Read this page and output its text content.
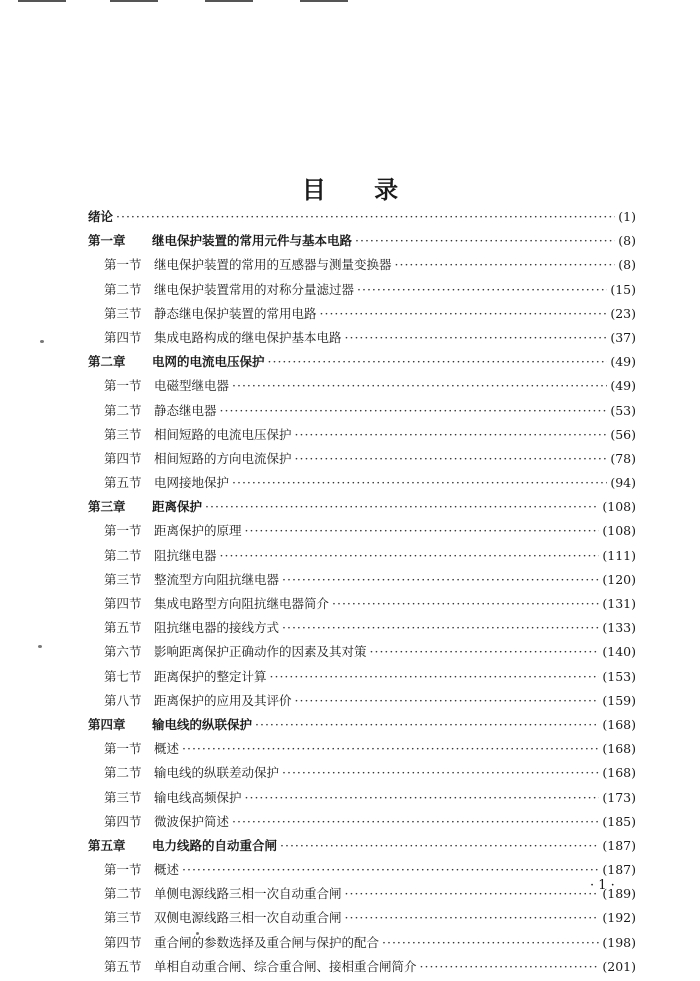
目 录
绪论 ·····	(1)
第一章	继电保护装置的常用元件与基本电路 ·····	(8)
第一节 继电保护装置的常用的互感器与测量变换器 ·····	(8)
第二节 继电保护装置常用的对称分量滤过器 ·····	(15)
第三节 静态继电保护装置的常用电路 ·····	(23)
第四节 集成电路构成的继电保护基本电路 ·····	(37)
第二章	电网的电流电压保护 ·····	(49)
第一节 电磁型继电器 ·····	(49)
第二节 静态继电器 ·····	(53)
第三节 相间短路的电流电压保护 ·····	(56)
第四节 相间短路的方向电流保护 ·····	(78)
第五节 电网接地保护 ·····	(94)
第三章	距离保护 ·····	(108)
第一节 距离保护的原理 ·····	(108)
第二节 阻抗继电器 ·····	(111)
第三节 整流型方向阻抗继电器 ·····	(120)
第四节 集成电路型方向阻抗继电器简介 ·····	(131)
第五节 阻抗继电器的接线方式 ·····	(133)
第六节 影响距离保护正确动作的因素及其对策 ·····	(140)
第七节 距离保护的整定计算 ·····	(153)
第八节 距离保护的应用及其评价 ·····	(159)
第四章	输电线的纵联保护 ·····	(168)
第一节 概述 ·····	(168)
第二节 输电线的纵联差动保护 ·····	(168)
第三节 输电线高频保护 ·····	(173)
第四节 微波保护简述 ·····	(185)
第五章	电力线路的自动重合闸 ·····	(187)
第一节 概述 ·····	(187)
第二节 单侧电源线路三相一次自动重合闸 ·····	(189)
第三节 双侧电源线路三相一次自动重合闸 ·····	(192)
第四节 重合闸的参数选择及重合闸与保护的配合 ·····	(198)
第五节 单相自动重合闸、综合重合闸、接相重合闸简介 ·····	(201)
· 1 ·
